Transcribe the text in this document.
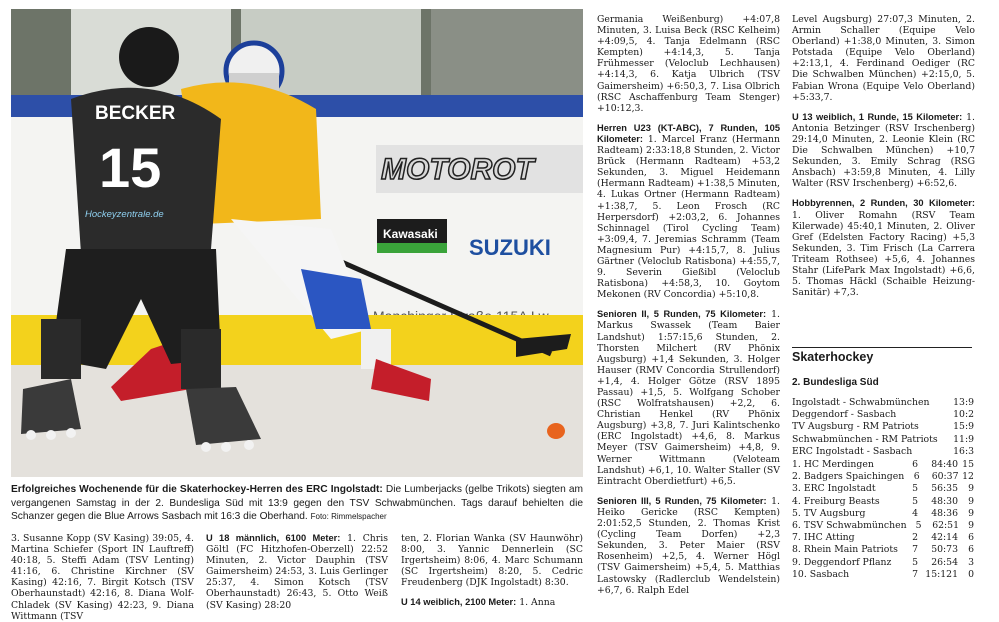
MOTOROT
Kawasaki
SUZUKI
BECKER
15
Hockeyzentrale.de
Erfolgreiches Wochenende für die Skaterhockey-Herren des ERC Ingolstadt: Die Lumberjacks (gelbe Trikots) siegten am vergangenen Samstag in der 2. Bundesliga Süd mit 13:9 gegen den TSV Schwabmünchen. Tags darauf behielten die Schanzer gegen die Blue Arrows Sasbach mit 16:3 die Oberhand. Foto: Rimmelspacher

3. Susanne Kopp (SV Kasing) 39:05, 4. Martina Schiefer (Sport IN Lauftreff) 40:18, 5. Steffi Adam (TSV Lenting) 41:16, 6. Christine Kirchner (SV Kasing) 42:16, 7. Birgit Kotsch (TSV Oberhaunstadt) 42:16, 8. Diana Wolf-Chladek (SV Kasing) 42:23, 9. Diana Wittmann (TSV

U 18 männlich, 6100 Meter: 1. Chris Göltl (FC Hitzhofen-Oberzell) 22:52 Minuten, 2. Victor Dauphin (TSV Gaimersheim) 24:53, 3. Luis Gerlinger 25:37, 4. Simon Kotsch (TSV Oberhaunstadt) 26:43, 5. Otto Weiß (SV Kasing) 28:20

ten, 2. Florian Wanka (SV Haunwöhr) 8:00, 3. Yannic Dennerlein (SC Irgertsheim) 8:06, 4. Marc Schumann (SC Irgertsheim) 8:20, 5. Cedric Freudenberg (DJK Ingolstadt) 8:30.

U 14 weiblich, 2100 Meter: 1. Anna

Germania Weißenburg) +4:07,8 Minuten, 3. Luisa Beck (RSC Kelheim) +4:09,5, 4. Tanja Edelmann (RSC Kempten) +4:14,3, 5. Tanja Frühmesser (Veloclub Lechhausen) +4:14,3, 6. Katja Ulbrich (TSV Gaimersheim) +6:50,3, 7. Lisa Olbrich (RSC Aschaffenburg Team Stenger) +10:12,3.

Herren U23 (KT-ABC), 7 Runden, 105 Kilometer: 1. Marcel Franz (Hermann Radteam) 2:33:18,8 Stunden, 2. Victor Brück (Hermann Radteam) +53,2 Sekunden, 3. Miguel Heidemann (Hermann Radteam) +1:38,5 Minuten, 4. Lukas Ortner (Hermann Radteam) +1:38,7, 5. Leon Frosch (RC Herpersdorf) +2:03,2, 6. Johannes Schinnagel (Tirol Cycling Team) +3:09,4, 7. Jeremias Schramm (Team Magnesium Pur) +4:15,7, 8. Julius Gärtner (Veloclub Ratisbona) +4:55,7, 9. Severin Gießibl (Veloclub Ratisbona) +4:58,3, 10. Goytom Mekonen (RV Concordia) +5:10,8.

Senioren II, 5 Runden, 75 Kilometer: 1. Markus Swassek (Team Baier Landshut) 1:57:15,6 Stunden, 2. Thorsten Milchert (RV Phönix Augsburg) +1,4 Sekunden, 3. Holger Hauser (RMV Concordia Strullendorf) +1,4, 4. Holger Götze (RSV 1895 Passau) +1,5, 5. Wolfgang Schober (RSC Wolfratshausen) +2,2, 6. Christian Henkel (RV Phönix Augsburg) +3,8, 7. Juri Kalintschenko (ERC Ingolstadt) +4,6, 8. Markus Meyer (TSV Gaimersheim) +4,8, 9. Werner Wittmann (Veloteam Landshut) +6,1, 10. Walter Staller (SV Eintracht Oberdietfurt) +6,5.

Senioren III, 5 Runden, 75 Kilometer: 1. Heiko Gericke (RSC Kempten) 2:01:52,5 Stunden, 2. Thomas Krist (Cycling Team Dorfen) +2,3 Sekunden, 3. Peter Maier (RSV Rosenheim) +2,5, 4. Werner Högl (TSV Gaimersheim) +5,4, 5. Matthias Lastowsky (Radlerclub Wendelstein) +6,7, 6. Ralph Edel

Level Augsburg) 27:07,3 Minuten, 2. Armin Schaller (Equipe Velo Oberland) +1:38,0 Minuten, 3. Simon Potstada (Equipe Velo Oberland) +2:13,1, 4. Ferdinand Oediger (RC Die Schwalben München) +2:15,0, 5. Fabian Wrona (Equipe Velo Oberland) +5:33,7.

U 13 weiblich, 1 Runde, 15 Kilometer: 1. Antonia Betzinger (RSV Irschenberg) 29:14,0 Minuten, 2. Leonie Klein (RC Die Schwalben München) +10,7 Sekunden, 3. Emily Schrag (RSG Ansbach) +3:59,8 Minuten, 4. Lilly Walter (RSV Irschenberg) +6:52,6.

Hobbyrennen, 2 Runden, 30 Kilometer: 1. Oliver Romahn (RSV Team Kilerwade) 45:40,1 Minuten, 2. Oliver Gref (Edelsten Factory Racing) +5,3 Sekunden, 3. Tim Frisch (La Carrera Triteam Rothsee) +5,6, 4. Johannes Stahr (LifePark Max Ingolstadt) +6,6, 5. Thomas Häckl (Schaible Heizung-Sanitär) +7,3.

Skaterhockey
2. Bundesliga Süd
Ingolstadt - Schwabmünchen	13:9
Deggendorf - Sasbach	10:2
TV Augsburg - RM Patriots	15:9
Schwabmünchen - RM Patriots 11:9
ERC Ingolstadt - Sasbach	16:3
1. HC Merdingen	6	84:40 15
2. Badgers Spaichingen	6	60:37 12
3. ERC Ingolstadt	5	56:35	9
4. Freiburg Beasts	5	48:30	9
5. TV Augsburg	4	48:36	9
6. TSV Schwabmünchen 5	62:51 9
7. IHC Atting	2	42:14	6
8. Rhein Main Patriots	7	50:73	6
9. Deggendorf Pflanz	5	26:54	3
10. Sasbach	7 15:121	0
